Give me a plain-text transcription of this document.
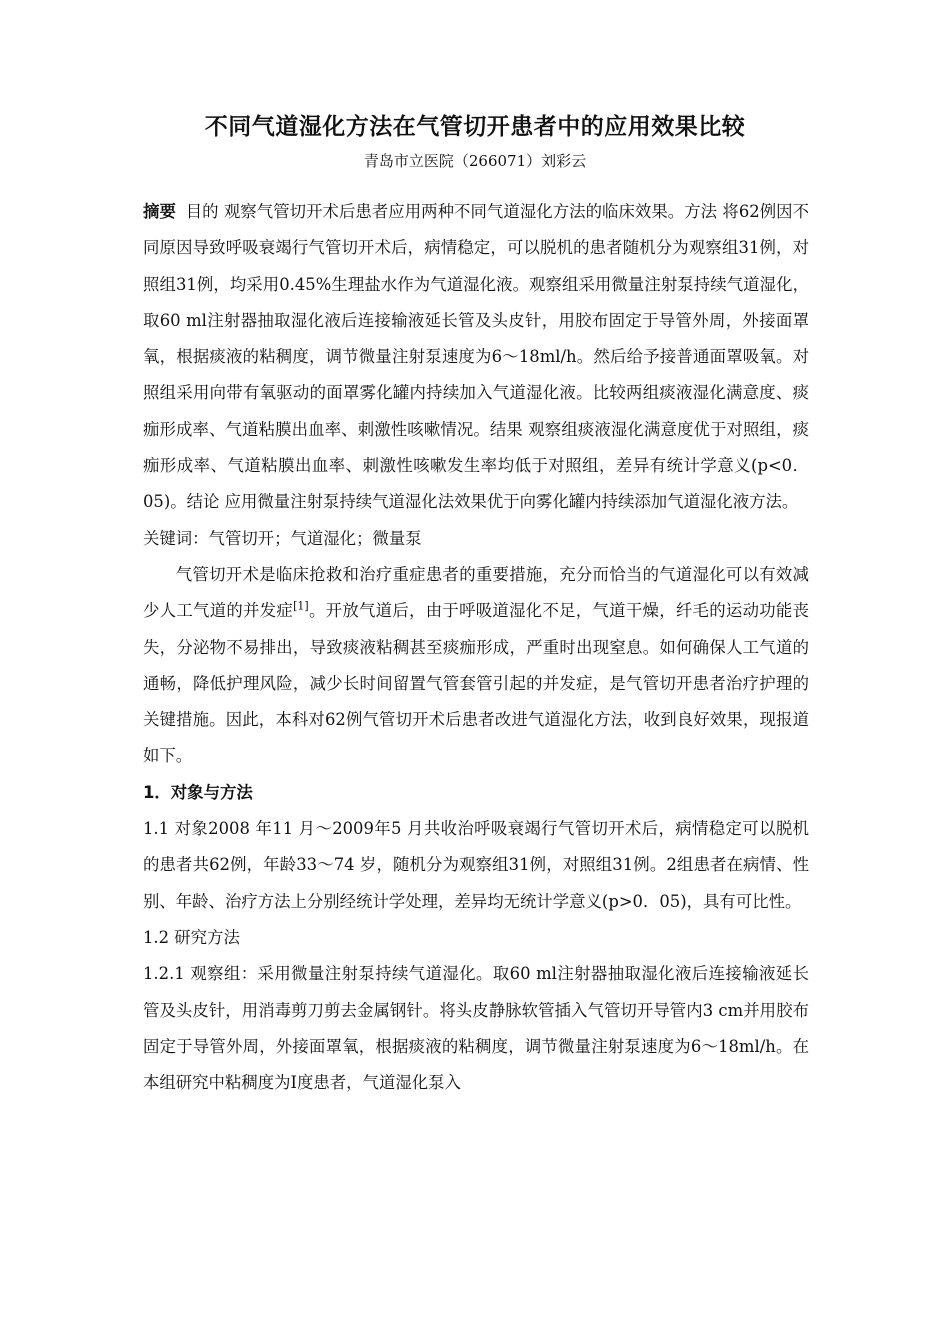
不同气道湿化方法在气管切开患者中的应用效果比较

青岛市立医院（266071）刘彩云

摘要 目的 观察气管切开术后患者应用两种不同气道湿化方法的临床效果。方法 将62例因不同原因导致呼吸衰竭行气管切开术后，病情稳定，可以脱机的患者随机分为观察组31例，对照组31例，均采用0.45%生理盐水作为气道湿化液。观察组采用微量注射泵持续气道湿化，取60 ml注射器抽取湿化液后连接输液延长管及头皮针，用胶布固定于导管外周，外接面罩氧，根据痰液的粘稠度，调节微量注射泵速度为6～18ml/h。然后给予接普通面罩吸氧。对照组采用向带有氧驱动的面罩雾化罐内持续加入气道湿化液。比较两组痰液湿化满意度、痰痂形成率、气道粘膜出血率、刺激性咳嗽情况。结果 观察组痰液湿化满意度优于对照组，痰痂形成率、气道粘膜出血率、刺激性咳嗽发生率均低于对照组，差异有统计学意义(p<0．05)。结论 应用微量注射泵持续气道湿化法效果优于向雾化罐内持续添加气道湿化液方法。

关键词：气管切开；气道湿化；微量泵

气管切开术是临床抢救和治疗重症患者的重要措施，充分而恰当的气道湿化可以有效减少人工气道的并发症[1]。开放气道后，由于呼吸道湿化不足，气道干燥，纤毛的运动功能丧失，分泌物不易排出，导致痰液粘稠甚至痰痂形成，严重时出现窒息。如何确保人工气道的通畅，降低护理风险，减少长时间留置气管套管引起的并发症，是气管切开患者治疗护理的关键措施。因此，本科对62例气管切开术后患者改进气道湿化方法，收到良好效果，现报道如下。

1．对象与方法

1.1 对象2008 年11 月～2009年5 月共收治呼吸衰竭行气管切开术后，病情稳定可以脱机的患者共62例，年龄33～74 岁，随机分为观察组31例，对照组31例。2组患者在病情、性别、年龄、治疗方法上分别经统计学处理，差异均无统计学意义(p>0．05)，具有可比性。

1.2 研究方法

1.2.1 观察组：采用微量注射泵持续气道湿化。取60 ml注射器抽取湿化液后连接输液延长管及头皮针，用消毒剪刀剪去金属钢针。将头皮静脉软管插入气管切开导管内3 cm并用胶布固定于导管外周，外接面罩氧，根据痰液的粘稠度，调节微量注射泵速度为6～18ml/h。在本组研究中粘稠度为Ⅰ度患者，气道湿化泵入
